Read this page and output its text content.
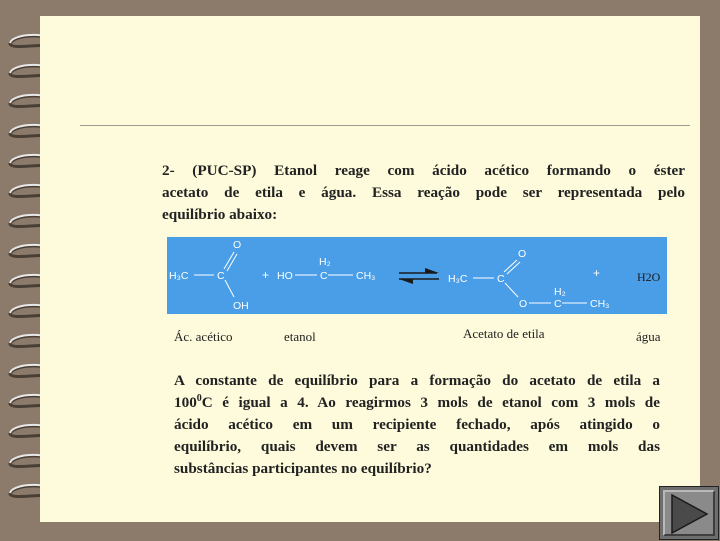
2- (PUC-SP) Etanol reage com ácido acético formando o éster
acetato de etila e água. Essa reação pode ser representada pelo
equilíbrio abaixo:
H₃C	C
O
OH
+ HO	C
H₂
CH₃	H₃C	C
O
O	C
H₂
CH₃
+	H2O
Ác. acético	etanol	Acetato de etila	água
A constante de equilíbrio para a formação do acetato de etila a
$100^0C$ é igual a 4. Ao reagirmos 3 mols de etanol com 3 mols de
ácido acético em um recipiente fechado, após atingido o
equilíbrio, quais devem ser as quantidades em mols das
substâncias participantes no equilíbrio?
